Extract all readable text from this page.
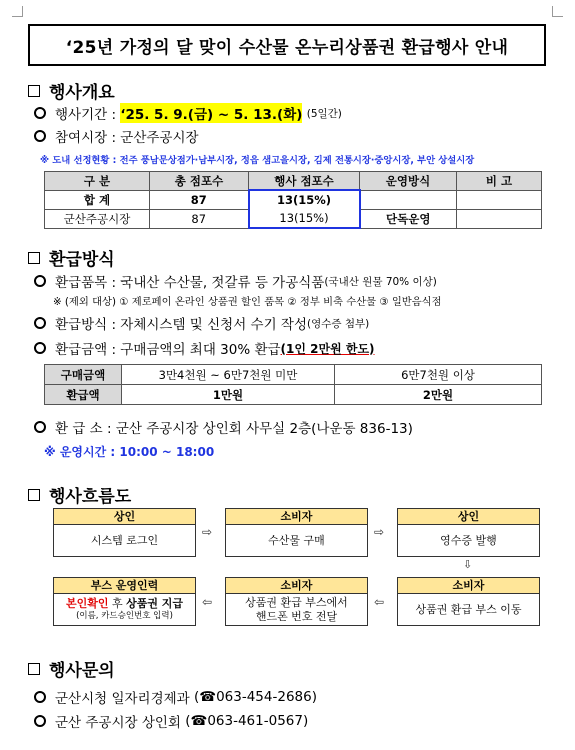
‘25년 가정의 달 맞이 수산물 온누리상품권 환급행사 안내
행사개요
행사기간 :
‘25. 5. 9.(금) ~ 5. 13.(화)
(5일간)
참여시장 : 군산주공시장
※ 도내 선정현황 : 전주 풍남문상점가·남부시장, 정읍 샘고을시장, 김제 전통시장·중앙시장, 부안 상설시장
구 분	총 점포수	행사 점포수	운영방식	비 고
합 계	87	13(15%)		
군산주공시장	87	13(15%)	단독운영	
환급방식
환급품목 : 국내산 수산물, 젓갈류 등 가공식품 (국내산 원물 70% 이상)
※ (제외 대상) ① 제로페이 온라인 상품권 할인 품목 ② 정부 비축 수산물 ③ 일반음식점
환급방식 : 자체시스템 및 신청서 수기 작성 (영수증 첨부)
환급금액 : 구매금액의 최대 30% 환급 (1인 2만원 한도)
구매금액	3만4천원 ~ 6만7천원 미만	6만7천원 이상
환급액	1만원	2만원
환 급 소 : 군산 주공시장 상인회 사무실 2층(나운동 836-13)
※ 운영시간 : 10:00 ~ 18:00
행사흐름도
상인
시스템 로그인
⇨
소비자
수산물 구매
⇨
상인
영수증 발행
⇩
부스 운영인력
본인확인 후 상품권 지급
(이름, 카드승인번호 입력)
⇦
소비자
상품권 환급 부스에서
핸드폰 번호 전달
⇦
소비자
상품권 환급 부스 이동
행사문의
군산시청 일자리경제과
(☎063-454-2686)
군산 주공시장 상인회
(☎063-461-0567)
